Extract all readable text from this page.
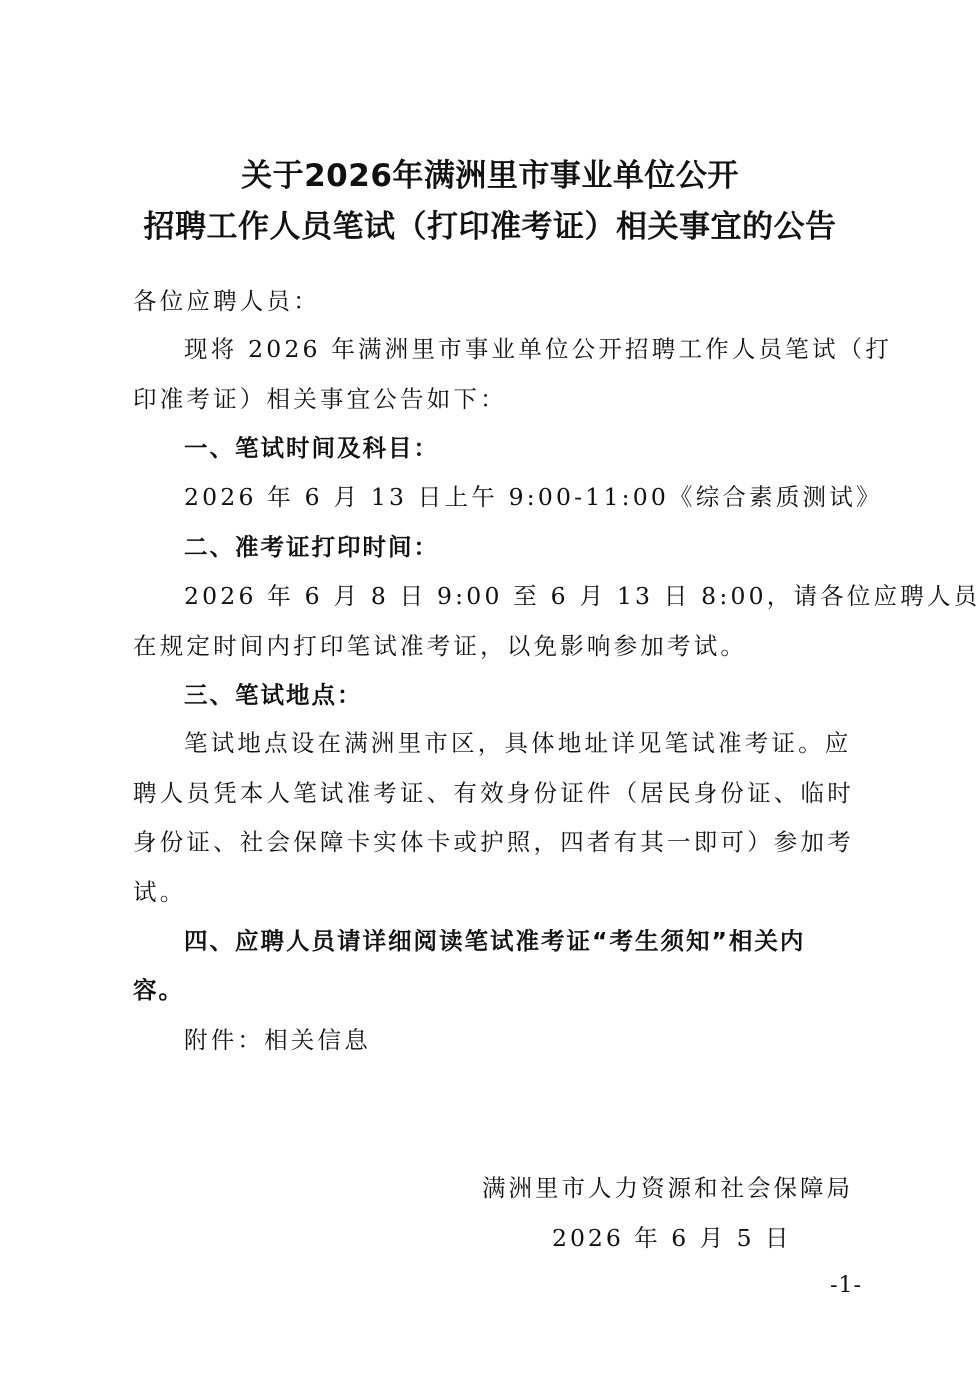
关于2026年满洲里市事业单位公开
招聘工作人员笔试（打印准考证）相关事宜的公告
各位应聘人员：
现将 2026 年满洲里市事业单位公开招聘工作人员笔试（打
印准考证）相关事宜公告如下：
一、笔试时间及科目：
2026 年 6 月 13 日上午 9:00-11:00《综合素质测试》
二、准考证打印时间：
2026 年 6 月 8 日 9:00 至 6 月 13 日 8:00，请各位应聘人员
在规定时间内打印笔试准考证，以免影响参加考试。
三、笔试地点：
笔试地点设在满洲里市区，具体地址详见笔试准考证。应
聘人员凭本人笔试准考证、有效身份证件（居民身份证、临时
身份证、社会保障卡实体卡或护照，四者有其一即可）参加考
试。
四、应聘人员请详细阅读笔试准考证“考生须知”相关内
容。
附件：相关信息
满洲里市人力资源和社会保障局
2026 年 6 月 5 日
-1-
